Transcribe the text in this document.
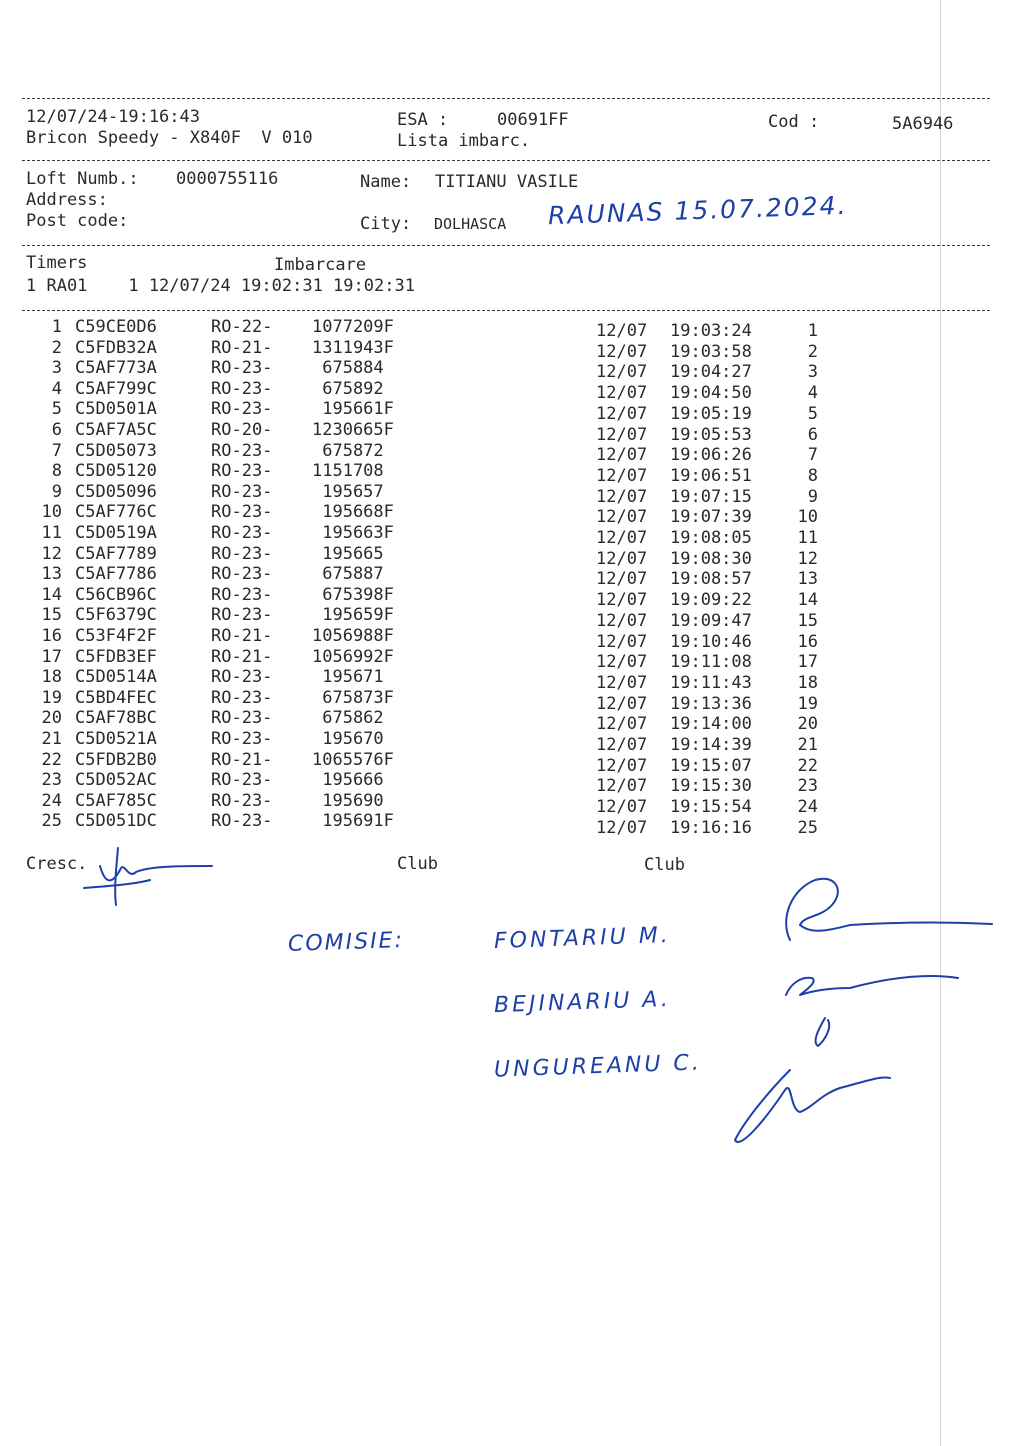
12/07/24-19:16:43	ESA :	00691FF	Cod :	5A6946
Bricon Speedy - X840F  V 010	Lista imbarc.
Loft Numb.: 0000755116	Name: TITIANU VASILE
Address:
Post code:	City: DOLHASCA RAUNAS 15.07.2024.
Timers	Imbarcare
1 RA01    1 12/07/24 19:02:31 19:02:31
1 C59CE0D6	RO-22- 1077209F	12/07 19:03:24	1
2 C5FDB32A	RO-21- 1311943F	12/07 19:03:58	2
3 C5AF773A	RO-23- 675884	12/07 19:04:27	3
4 C5AF799C	RO-23- 675892	12/07 19:04:50	4
5 C5D0501A	RO-23- 195661F	12/07 19:05:19	5
6 C5AF7A5C	RO-20- 1230665F	12/07 19:05:53	6
7 C5D05073	RO-23- 675872	12/07 19:06:26	7
8 C5D05120	RO-23- 1151708	12/07 19:06:51	8
9 C5D05096	RO-23- 195657	12/07 19:07:15	9
10 C5AF776C	RO-23- 195668F	12/07 19:07:39	10
11 C5D0519A	RO-23- 195663F	12/07 19:08:05	11
12 C5AF7789	RO-23- 195665	12/07 19:08:30	12
13 C5AF7786	RO-23- 675887	12/07 19:08:57	13
14 C56CB96C	RO-23- 675398F	12/07 19:09:22	14
15 C5F6379C	RO-23- 195659F	12/07 19:09:47	15
16 C53F4F2F	RO-21- 1056988F	12/07 19:10:46	16
17 C5FDB3EF	RO-21- 1056992F	12/07 19:11:08	17
18 C5D0514A	RO-23- 195671	12/07 19:11:43	18
19 C5BD4FEC	RO-23- 675873F	12/07 19:13:36	19
20 C5AF78BC	RO-23- 675862	12/07 19:14:00	20
21 C5D0521A	RO-23- 195670	12/07 19:14:39	21
22 C5FDB2B0	RO-21- 1065576F	12/07 19:15:07	22
23 C5D052AC	RO-23- 195666	12/07 19:15:30	23
24 C5AF785C	RO-23- 195690	12/07 19:15:54	24
25 C5D051DC	RO-23- 195691F	12/07 19:16:16	25
Cresc.	Club	Club
COMISIE:	FONTARIU M.
BEJINARIU A.
UNGUREANU C.
